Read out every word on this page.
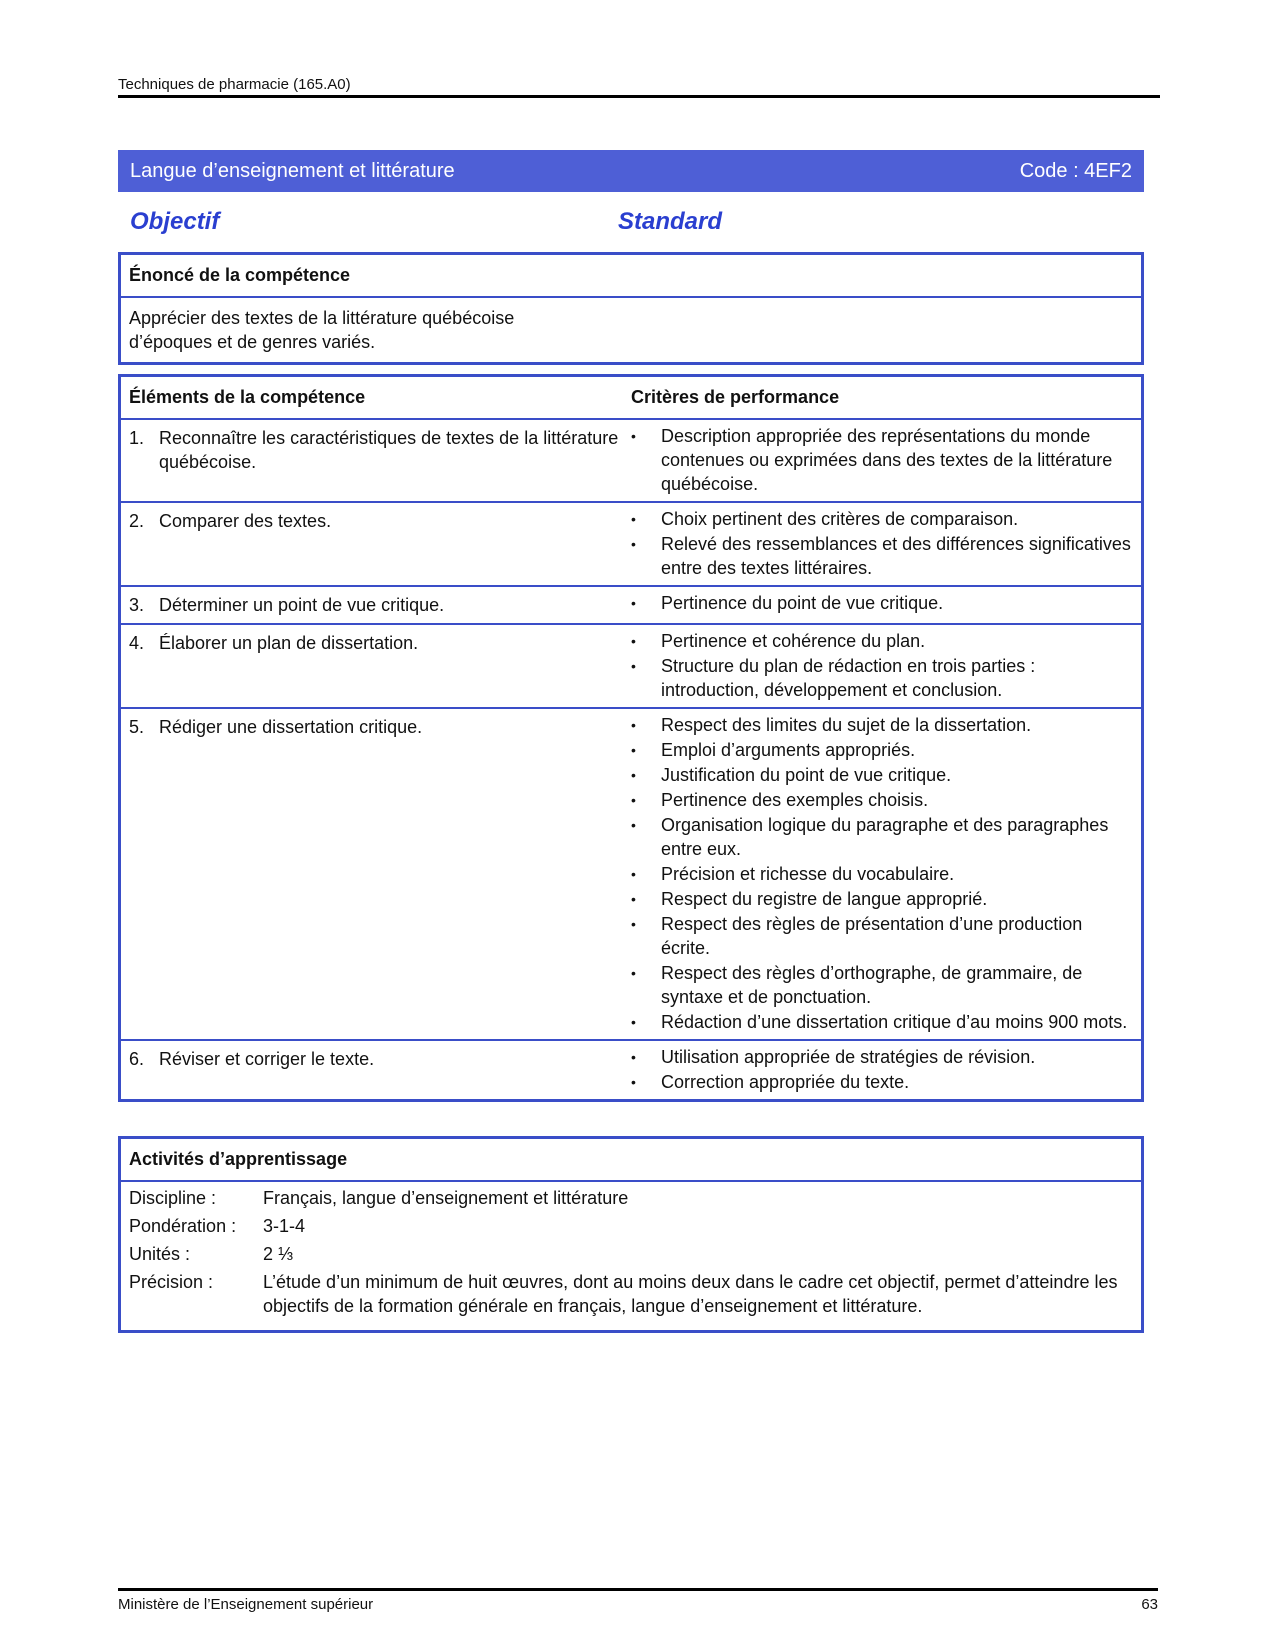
Techniques de pharmacie (165.A0)
Langue d’enseignement et littérature	Code : 4EF2
Objectif	Standard
Énoncé de la compétence
Apprécier des textes de la littérature québécoise
d’époques et de genres variés.
Éléments de la compétence	Critères de performance
1. Reconnaître les caractéristiques de textes de la littérature québécoise.
•	Description appropriée des représentations du monde contenues ou exprimées dans des textes de la littérature québécoise.
2. Comparer des textes.	•	Choix pertinent des critères de comparaison.
•	Relevé des ressemblances et des différences significatives entre des textes littéraires.
3. Déterminer un point de vue critique.	•	Pertinence du point de vue critique.
4. Élaborer un plan de dissertation.	•	Pertinence et cohérence du plan.
•	Structure du plan de rédaction en trois parties : introduction, développement et conclusion.
5. Rédiger une dissertation critique.	•	Respect des limites du sujet de la dissertation.
•	Emploi d’arguments appropriés.
•	Justification du point de vue critique.
•	Pertinence des exemples choisis.
•	Organisation logique du paragraphe et des paragraphes entre eux.
•	Précision et richesse du vocabulaire.
•	Respect du registre de langue approprié.
•	Respect des règles de présentation d’une production écrite.
•	Respect des règles d’orthographe, de grammaire, de syntaxe et de ponctuation.
•	Rédaction d’une dissertation critique d’au moins 900 mots.
6. Réviser et corriger le texte.	•	Utilisation appropriée de stratégies de révision.
•	Correction appropriée du texte.
Activités d’apprentissage
Discipline :	Français, langue d’enseignement et littérature
Pondération :	3-1-4
Unités :	2 ⅓
Précision :	L’étude d’un minimum de huit œuvres, dont au moins deux dans le cadre cet objectif, permet d’atteindre les objectifs de la formation générale en français, langue d’enseignement et littérature.
Ministère de l’Enseignement supérieur	63
